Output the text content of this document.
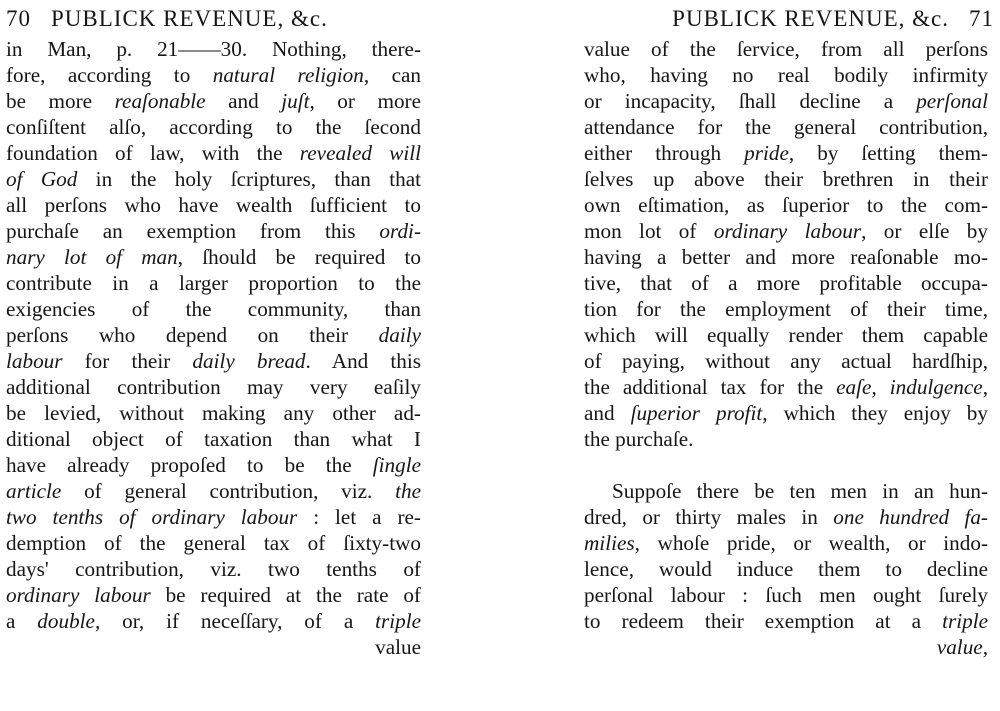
70 PUBLICK REVENUE, &c.
in Man, p. 21——30. Nothing, there-
fore, according to natural religion, can
be more reaſonable and juſt, or more
conſiſtent alſo, according to the ſecond
foundation of law, with the revealed will
of God in the holy ſcriptures, than that
all perſons who have wealth ſufficient to
purchaſe an exemption from this ordi-
nary lot of man, ſhould be required to
contribute in a larger proportion to the
exigencies of the community, than
perſons who depend on their daily
labour for their daily bread. And this
additional contribution may very eaſily
be levied, without making any other ad-
ditional object of taxation than what I
have already propoſed to be the ſingle
article of general contribution, viz. the
two tenths of ordinary labour : let a re-
demption of the general tax of ſixty-two
days' contribution, viz. two tenths of
ordinary labour be required at the rate of
a double, or, if neceſſary, of a triple
value
PUBLICK REVENUE, &c. 71
value of the ſervice, from all perſons
who, having no real bodily infirmity
or incapacity, ſhall decline a perſonal
attendance for the general contribution,
either through pride, by ſetting them-
ſelves up above their brethren in their
own eſtimation, as ſuperior to the com-
mon lot of ordinary labour, or elſe by
having a better and more reaſonable mo-
tive, that of a more profitable occupa-
tion for the employment of their time,
which will equally render them capable
of paying, without any actual hardſhip,
the additional tax for the eaſe, indulgence,
and ſuperior profit, which they enjoy by
the purchaſe.
Suppoſe there be ten men in an hun-
dred, or thirty males in one hundred fa-
milies, whoſe pride, or wealth, or indo-
lence, would induce them to decline
perſonal labour : ſuch men ought ſurely
to redeem their exemption at a triple
value,
